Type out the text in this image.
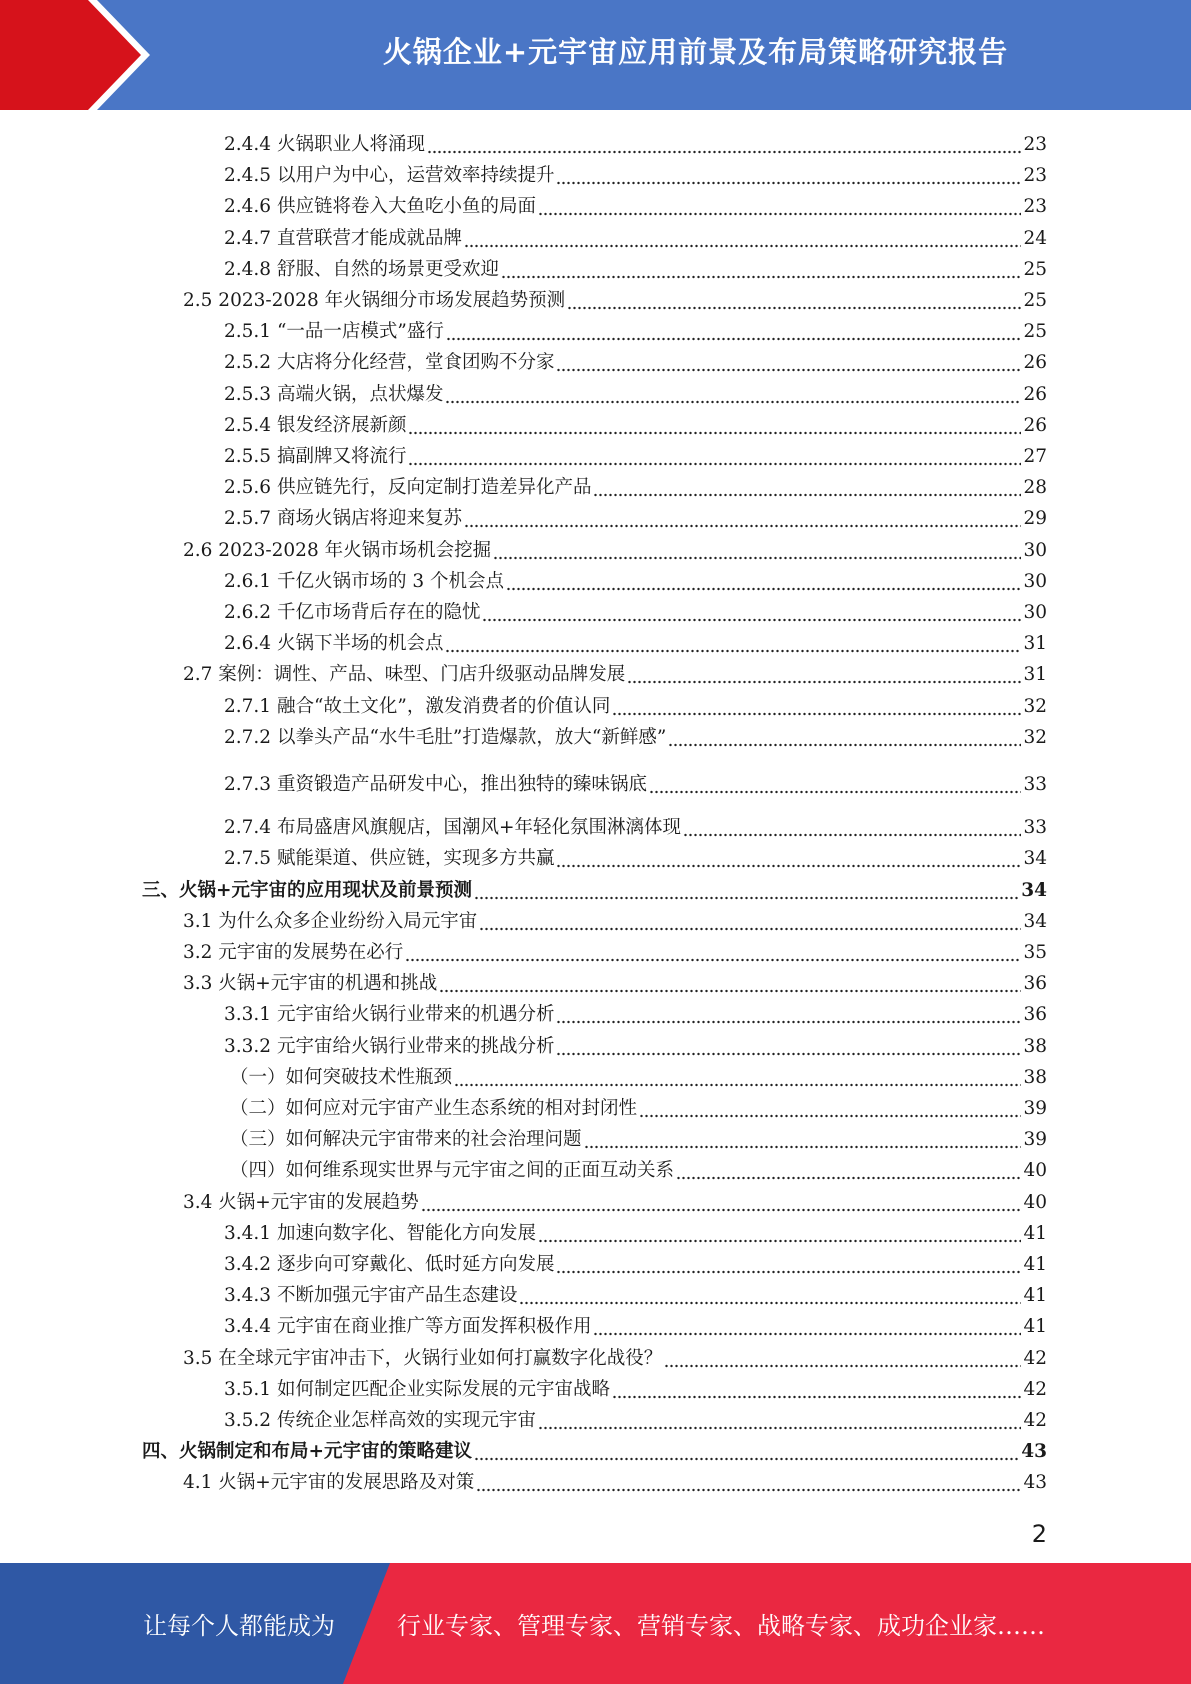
火锅企业+元宇宙应用前景及布局策略研究报告
2.4.4 火锅职业人将涌现	23
2.4.5 以用户为中心，运营效率持续提升	23
2.4.6 供应链将卷入大鱼吃小鱼的局面	23
2.4.7 直营联营才能成就品牌	24
2.4.8 舒服、自然的场景更受欢迎	25
2.5 2023-2028 年火锅细分市场发展趋势预测	25
2.5.1 “一品一店模式”盛行	25
2.5.2 大店将分化经营，堂食团购不分家	26
2.5.3 高端火锅，点状爆发	26
2.5.4 银发经济展新颜	26
2.5.5 搞副牌又将流行	27
2.5.6 供应链先行，反向定制打造差异化产品	28
2.5.7 商场火锅店将迎来复苏	29
2.6 2023-2028 年火锅市场机会挖掘	30
2.6.1 千亿火锅市场的 3 个机会点	30
2.6.2 千亿市场背后存在的隐忧	30
2.6.4 火锅下半场的机会点	31
2.7 案例：调性、产品、味型、门店升级驱动品牌发展	31
2.7.1 融合“故土文化”，激发消费者的价值认同	32
2.7.2 以拳头产品“水牛毛肚”打造爆款，放大“新鲜感”	32
2.7.3 重资锻造产品研发中心，推出独特的臻味锅底	33
2.7.4 布局盛唐风旗舰店，国潮风+年轻化氛围淋漓体现	33
2.7.5 赋能渠道、供应链，实现多方共赢	34
三、火锅+元宇宙的应用现状及前景预测	34
3.1 为什么众多企业纷纷入局元宇宙	34
3.2 元宇宙的发展势在必行	35
3.3 火锅+元宇宙的机遇和挑战	36
3.3.1 元宇宙给火锅行业带来的机遇分析	36
3.3.2 元宇宙给火锅行业带来的挑战分析	38
（一）如何突破技术性瓶颈	38
（二）如何应对元宇宙产业生态系统的相对封闭性	39
（三）如何解决元宇宙带来的社会治理问题	39
（四）如何维系现实世界与元宇宙之间的正面互动关系	40
3.4 火锅+元宇宙的发展趋势	40
3.4.1 加速向数字化、智能化方向发展	41
3.4.2 逐步向可穿戴化、低时延方向发展	41
3.4.3 不断加强元宇宙产品生态建设	41
3.4.4 元宇宙在商业推广等方面发挥积极作用	41
3.5 在全球元宇宙冲击下，火锅行业如何打赢数字化战役？	42
3.5.1 如何制定匹配企业实际发展的元宇宙战略	42
3.5.2 传统企业怎样高效的实现元宇宙	42
四、火锅制定和布局+元宇宙的策略建议	43
4.1 火锅+元宇宙的发展思路及对策	43
2
让每个人都能成为	行业专家、管理专家、营销专家、战略专家、成功企业家……
